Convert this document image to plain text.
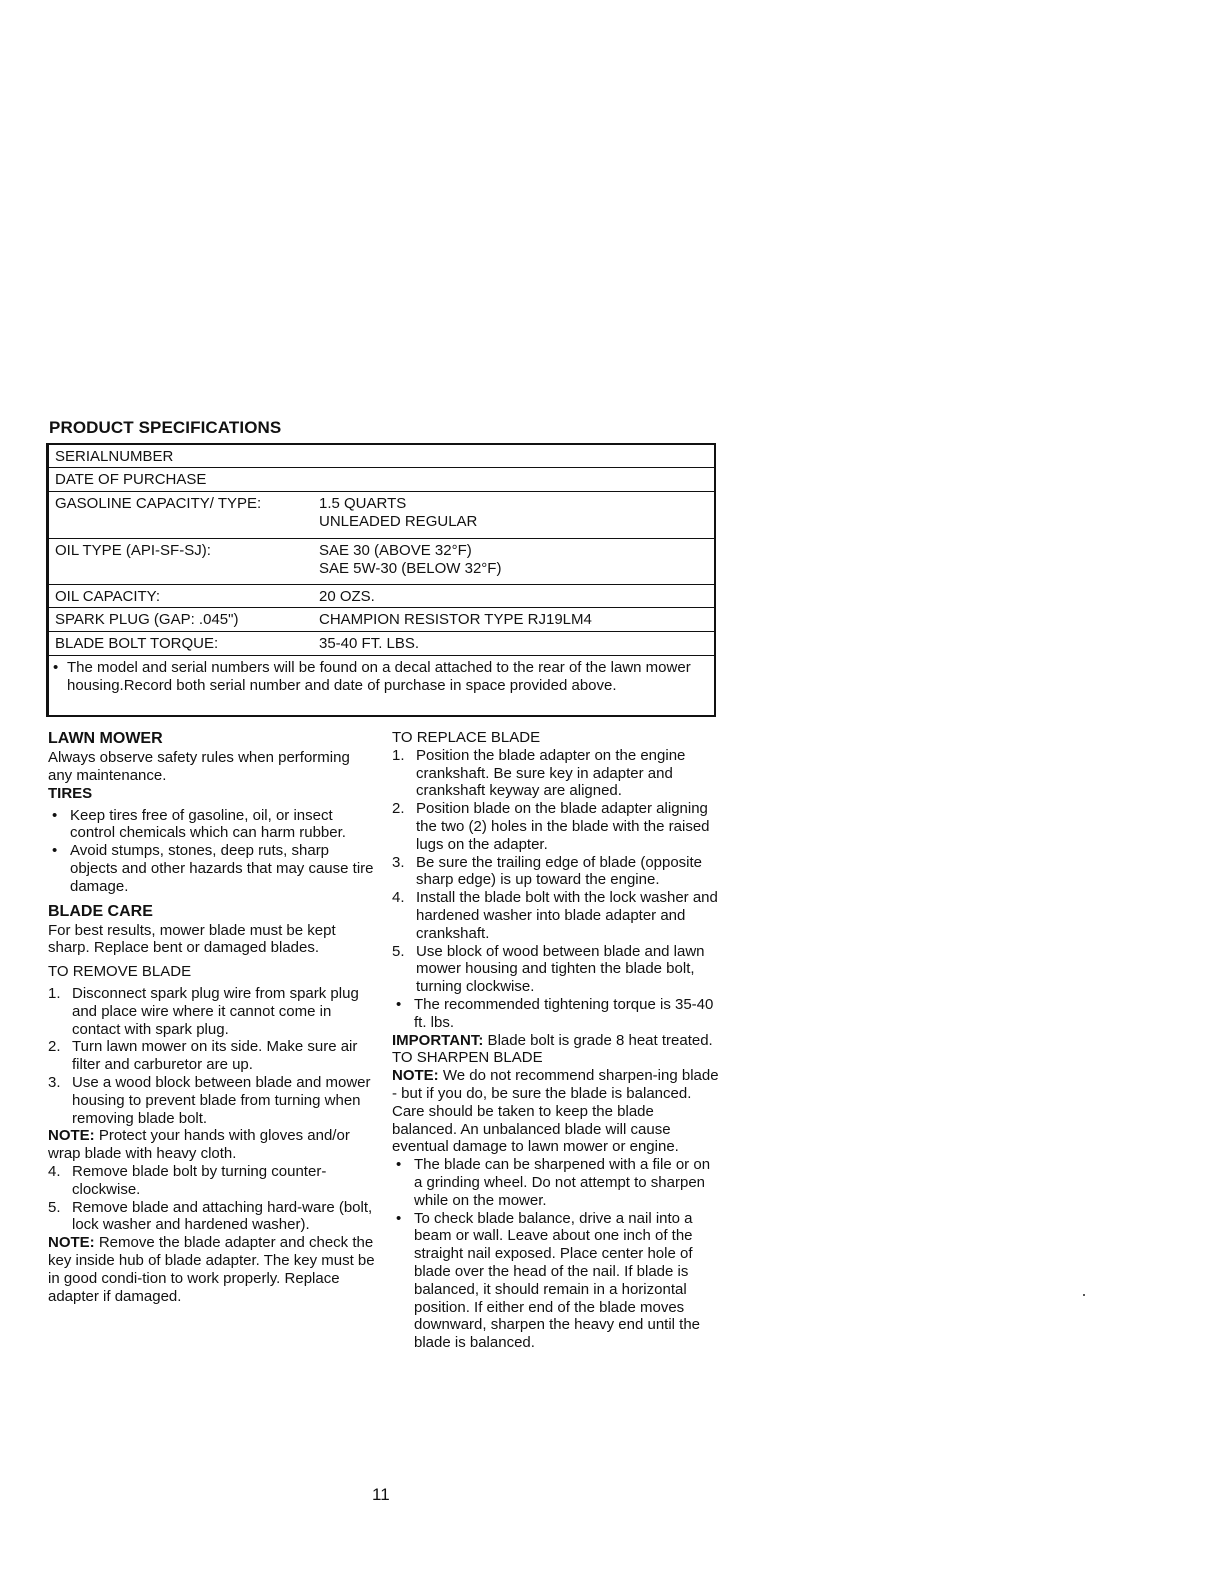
PRODUCT SPECIFICATIONS
SERIALNUMBER
DATE OF PURCHASE
GASOLINE CAPACITY/ TYPE:	1.5 QUARTS
UNLEADED REGULAR
OIL TYPE (API-SF-SJ):	SAE 30 (ABOVE 32°F)
SAE 5W-30 (BELOW 32°F)
OIL CAPACITY:	20 OZS.
SPARK PLUG (GAP: .045")	CHAMPION RESISTOR TYPE RJ19LM4
BLADE BOLT TORQUE:	35-40 FT. LBS.
• The model and serial numbers will be found on a decal attached to the rear of the lawn mower housing.Record both serial number and date of purchase in space provided above.
LAWN MOWER

Always observe safety rules when performing any maintenance.

TIRES
• Keep tires free of gasoline, oil, or insect control chemicals which can harm rubber.
• Avoid stumps, stones, deep ruts, sharp objects and other hazards that may cause tire damage.
BLADE CARE

For best results, mower blade must be kept sharp. Replace bent or damaged blades.

TO REMOVE BLADE
1. Disconnect spark plug wire from spark plug and place wire where it cannot come in contact with spark plug.
2. Turn lawn mower on its side. Make sure air filter and carburetor are up.
3. Use a wood block between blade and mower housing to prevent blade from turning when removing blade bolt.

NOTE: Protect your hands with gloves and/or wrap blade with heavy cloth.

4. Remove blade bolt by turning counter-clockwise.
5. Remove blade and attaching hard-ware (bolt, lock washer and hardened washer).

NOTE: Remove the blade adapter and check the key inside hub of blade adapter. The key must be in good condi-tion to work properly. Replace adapter if damaged.

TO REPLACE BLADE
1. Position the blade adapter on the engine crankshaft. Be sure key in adapter and crankshaft keyway are aligned.
2. Position blade on the blade adapter aligning the two (2) holes in the blade with the raised lugs on the adapter.
3. Be sure the trailing edge of blade (opposite sharp edge) is up toward the engine.
4. Install the blade bolt with the lock washer and hardened washer into blade adapter and crankshaft.
5. Use block of wood between blade and lawn mower housing and tighten the blade bolt, turning clockwise.
• The recommended tightening torque is 35-40 ft. lbs.

IMPORTANT: Blade bolt is grade 8 heat treated.

TO SHARPEN BLADE

NOTE: We do not recommend sharpen-ing blade - but if you do, be sure the blade is balanced.

Care should be taken to keep the blade balanced. An unbalanced blade will cause eventual damage to lawn mower or engine.

• The blade can be sharpened with a file or on a grinding wheel. Do not attempt to sharpen while on the mower.
• To check blade balance, drive a nail into a beam or wall. Leave about one inch of the straight nail exposed. Place center hole of blade over the head of the nail. If blade is balanced, it should remain in a horizontal position. If either end of the blade moves downward, sharpen the heavy end until the blade is balanced.
11
